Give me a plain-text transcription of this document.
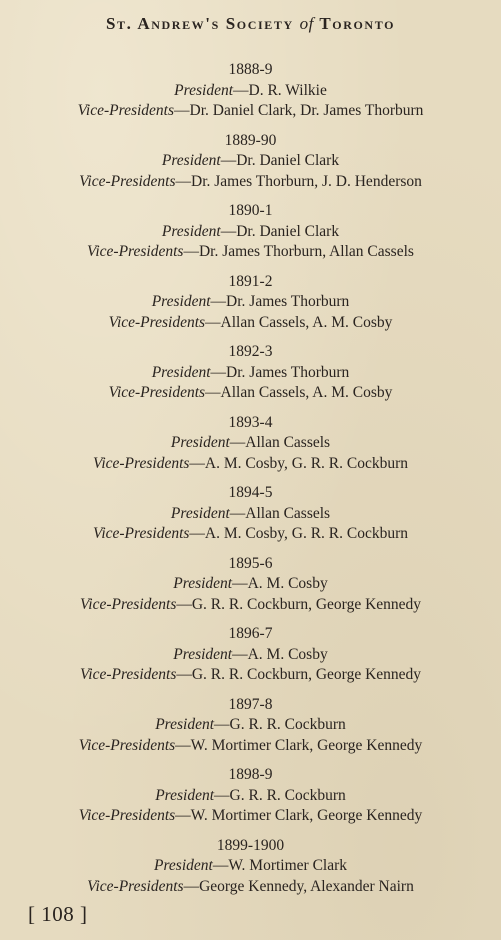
St. Andrew's Society of Toronto
1888-9
President—D. R. Wilkie
Vice-Presidents—Dr. Daniel Clark, Dr. James Thorburn
1889-90
President—Dr. Daniel Clark
Vice-Presidents—Dr. James Thorburn, J. D. Henderson
1890-1
President—Dr. Daniel Clark
Vice-Presidents—Dr. James Thorburn, Allan Cassels
1891-2
President—Dr. James Thorburn
Vice-Presidents—Allan Cassels, A. M. Cosby
1892-3
President—Dr. James Thorburn
Vice-Presidents—Allan Cassels, A. M. Cosby
1893-4
President—Allan Cassels
Vice-Presidents—A. M. Cosby, G. R. R. Cockburn
1894-5
President—Allan Cassels
Vice-Presidents—A. M. Cosby, G. R. R. Cockburn
1895-6
President—A. M. Cosby
Vice-Presidents—G. R. R. Cockburn, George Kennedy
1896-7
President—A. M. Cosby
Vice-Presidents—G. R. R. Cockburn, George Kennedy
1897-8
President—G. R. R. Cockburn
Vice-Presidents—W. Mortimer Clark, George Kennedy
1898-9
President—G. R. R. Cockburn
Vice-Presidents—W. Mortimer Clark, George Kennedy
1899-1900
President—W. Mortimer Clark
Vice-Presidents—George Kennedy, Alexander Nairn
[ 108 ]
